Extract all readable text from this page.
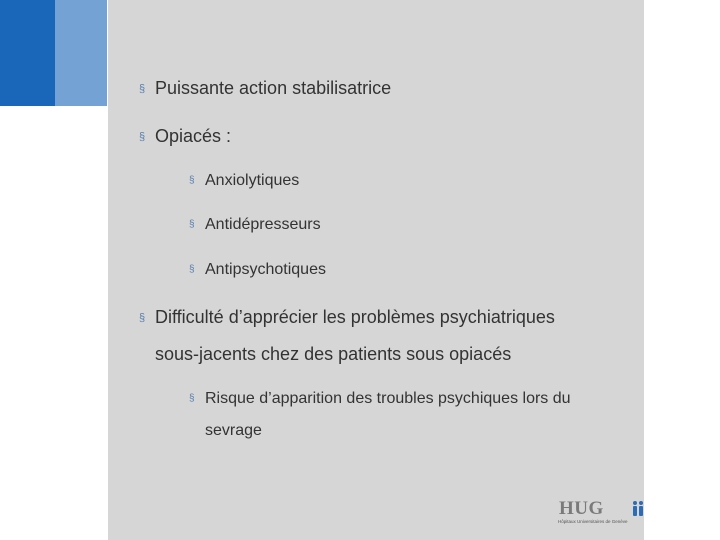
§ Puissante action stabilisatrice
§ Opiacés :
§ Anxiolytiques
§ Antidépresseurs
§ Antipsychotiques
§ Difficulté d’apprécier les problèmes psychiatriques
sous-jacents chez des patients sous opiacés
§ Risque d’apparition des troubles psychiques lors du
sevrage
HUG
Hôpitaux Universitaires de Genève
